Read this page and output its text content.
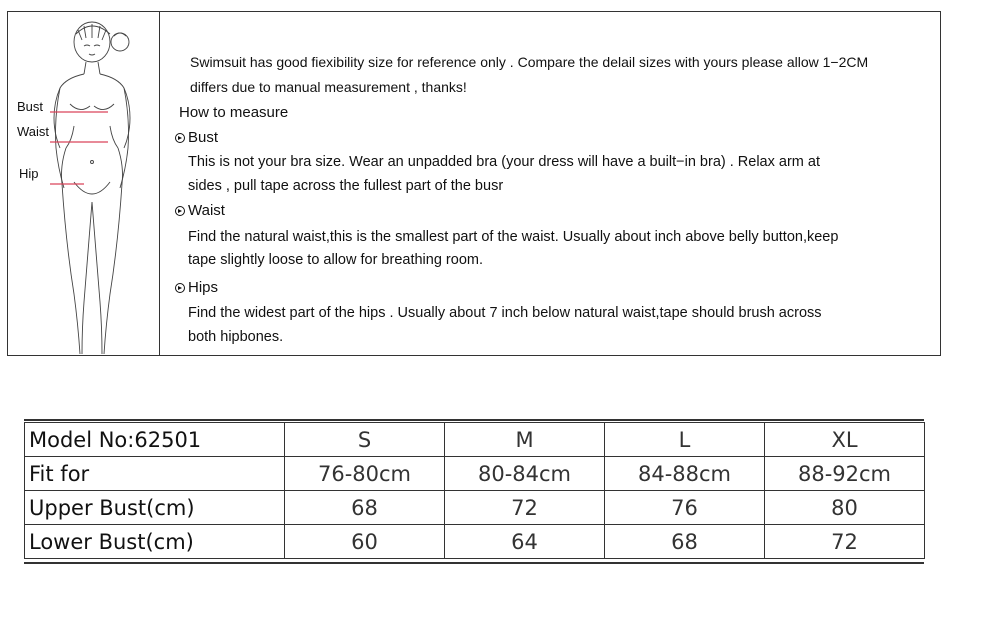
Bust
Waist
Hip
Swimsuit has good fiexibility size for reference only . Compare the delail sizes with yours please allow 1−2CM
differs due to manual measurement , thanks!
How to measure
Bust
This is not your bra size. Wear an unpadded bra (your dress will have a built−in bra) . Relax arm at
sides , pull tape across the fullest part of the busr
Waist
Find the natural waist,this is the smallest part of the waist. Usually about inch above belly button,keep
tape slightly loose to allow for breathing room.
Hips
Find the widest part of the hips . Usually about 7 inch below natural waist,tape should brush across
both hipbones.
Model No:62501	S	M	L	XL
Fit for	76-80cm	80-84cm	84-88cm	88-92cm
Upper Bust(cm)	68	72	76	80
Lower Bust(cm)	60	64	68	72
